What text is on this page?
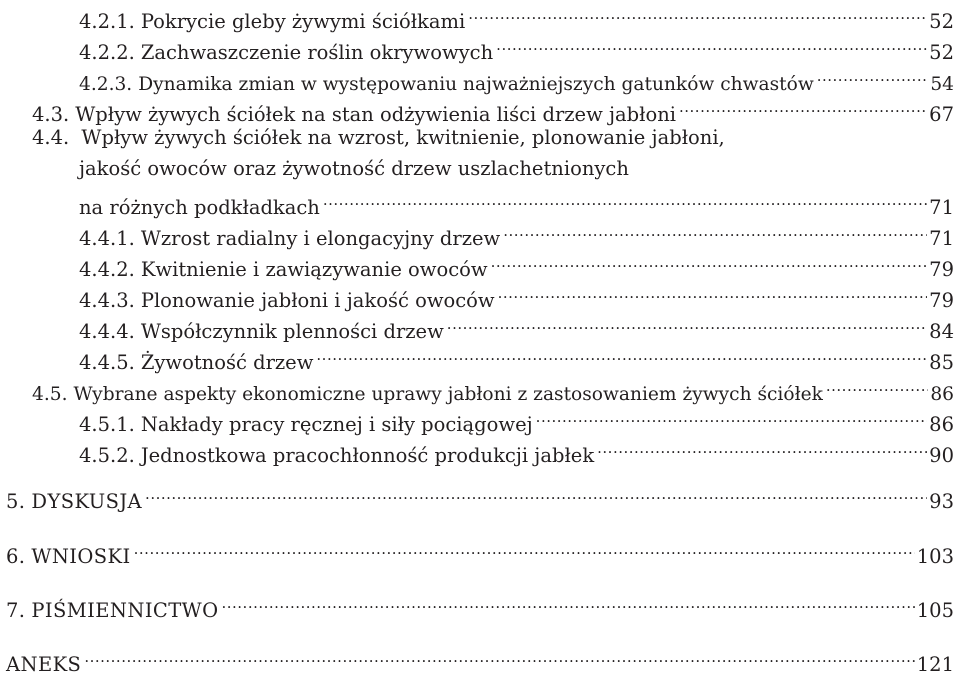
4.2.1. Pokrycie gleby żywymi ściółkami .....	52
4.2.2. Zachwaszczenie roślin okrywowych .....	52
4.2.3. Dynamika zmian w występowaniu najważniejszych gatunków chwastów .....	54
4.3. Wpływ żywych ściółek na stan odżywienia liści drzew jabłoni .....	67
4.4. Wpływ żywych ściółek na wzrost, kwitnienie, plonowanie jabłoni,
jakość owoców oraz żywotność drzew uszlachetnionych
na różnych podkładkach .....	71
4.4.1. Wzrost radialny i elongacyjny drzew .....	71
4.4.2. Kwitnienie i zawiązywanie owoców .....	79
4.4.3. Plonowanie jabłoni i jakość owoców .....	79
4.4.4. Współczynnik plenności drzew .....	84
4.4.5. Żywotność drzew .....	85
4.5. Wybrane aspekty ekonomiczne uprawy jabłoni z zastosowaniem żywych ściółek .....	86
4.5.1. Nakłady pracy ręcznej i siły pociągowej .....	86
4.5.2. Jednostkowa pracochłonność produkcji jabłek .....	90
5. DYSKUSJA .....	93
6. WNIOSKI .....	103
7. PIŚMIENNICTWO .....	105
ANEKS .....	121
